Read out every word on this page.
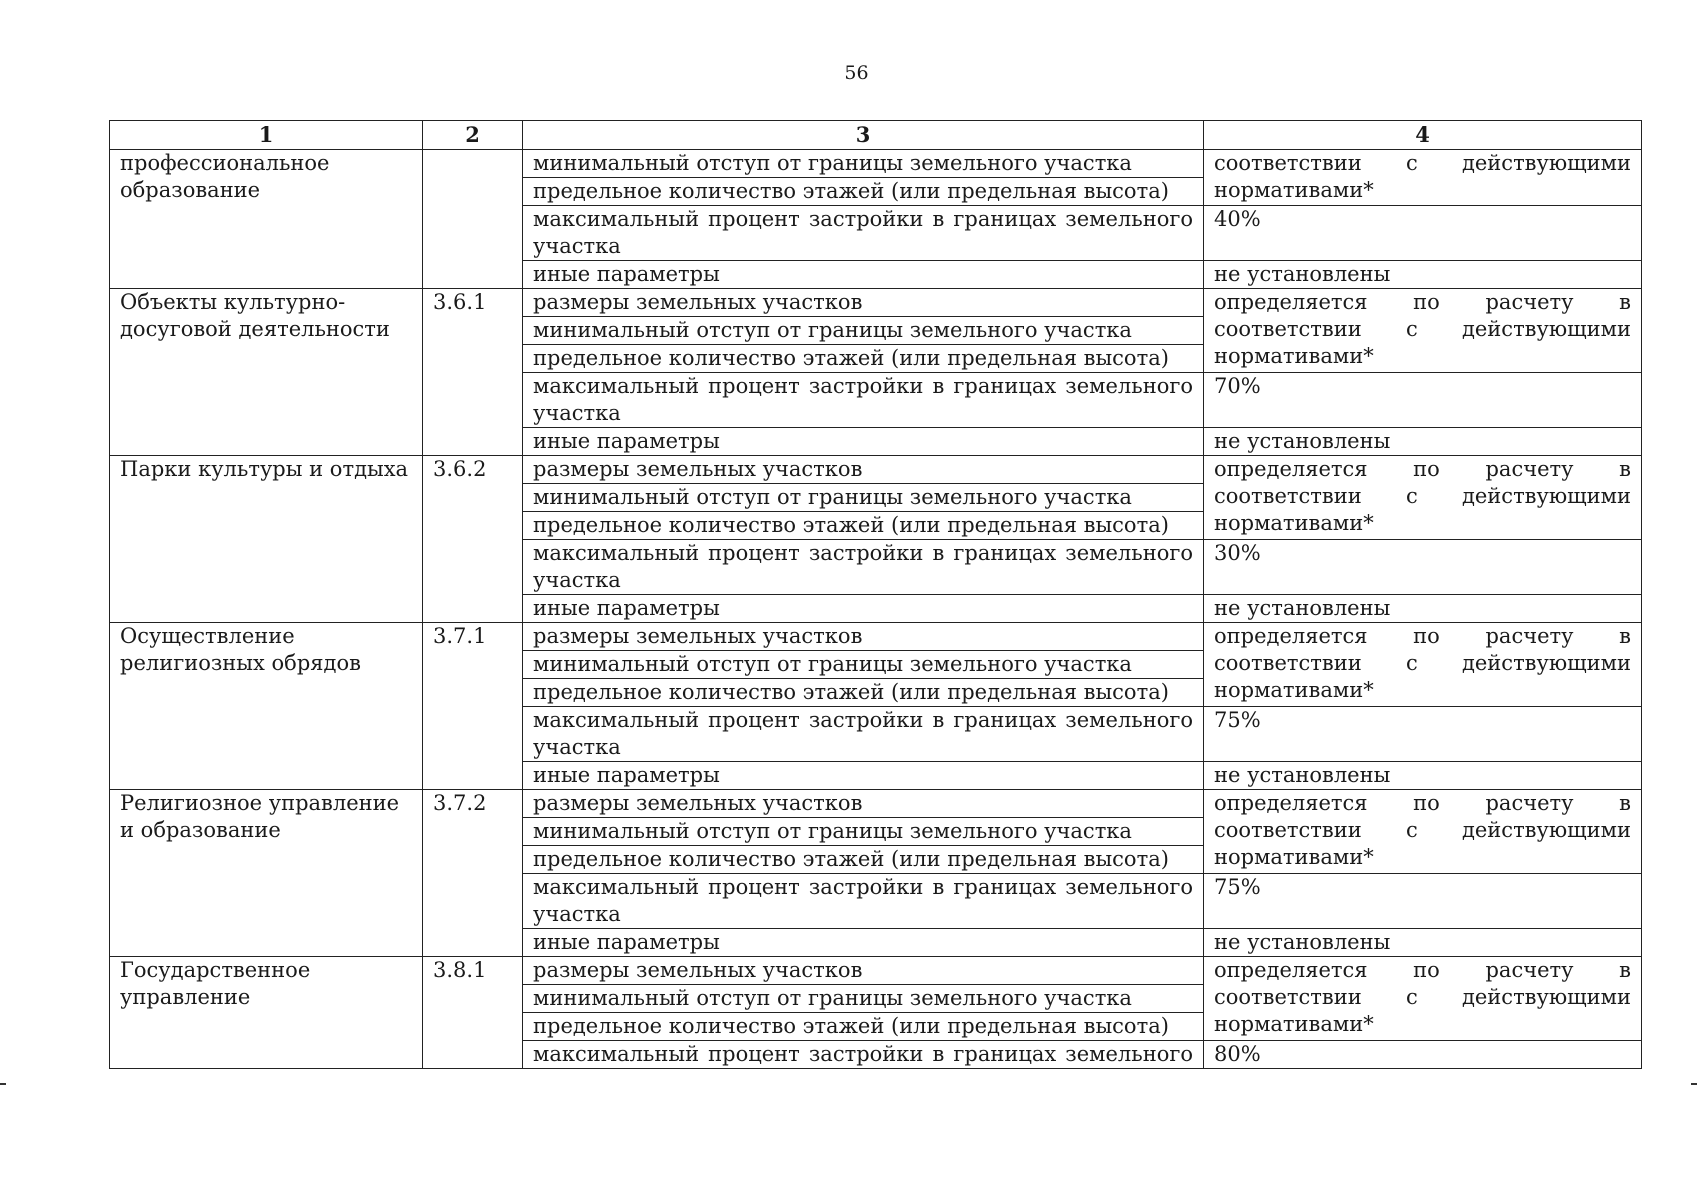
56
1	2	3	4
профессиональное образование		минимальный отступ от границы земельного участка	соответствии с действующими
нормативами*
		предельное количество этажей (или предельная высота)	
		максимальный процент застройки в границах земельного участка	40%
		иные параметры	не установлены
Объекты культурно-досуговой деятельности	3.6.1	размеры земельных участков	определяется по расчету в соответствии с действующими нормативами*
		минимальный отступ от границы земельного участка	
		предельное количество этажей (или предельная высота)	
		максимальный процент застройки в границах земельного участка	70%
		иные параметры	не установлены
Парки культуры и отдыха	3.6.2	размеры земельных участков	определяется по расчету в соответствии с действующими нормативами*
		минимальный отступ от границы земельного участка	
		предельное количество этажей (или предельная высота)	
		максимальный процент застройки в границах земельного участка	30%
		иные параметры	не установлены
Осуществление религиозных обрядов	3.7.1	размеры земельных участков	определяется по расчету в соответствии с действующими нормативами*
		минимальный отступ от границы земельного участка	
		предельное количество этажей (или предельная высота)	
		максимальный процент застройки в границах земельного участка	75%
		иные параметры	не установлены
Религиозное управление и образование	3.7.2	размеры земельных участков	определяется по расчету в соответствии с действующими нормативами*
		минимальный отступ от границы земельного участка	
		предельное количество этажей (или предельная высота)	
		максимальный процент застройки в границах земельного участка	75%
		иные параметры	не установлены
Государственное управление	3.8.1	размеры земельных участков	определяется по расчету в соответствии с действующими нормативами*
		минимальный отступ от границы земельного участка	
		предельное количество этажей (или предельная высота)	
		максимальный процент застройки в границах земельного	80%
